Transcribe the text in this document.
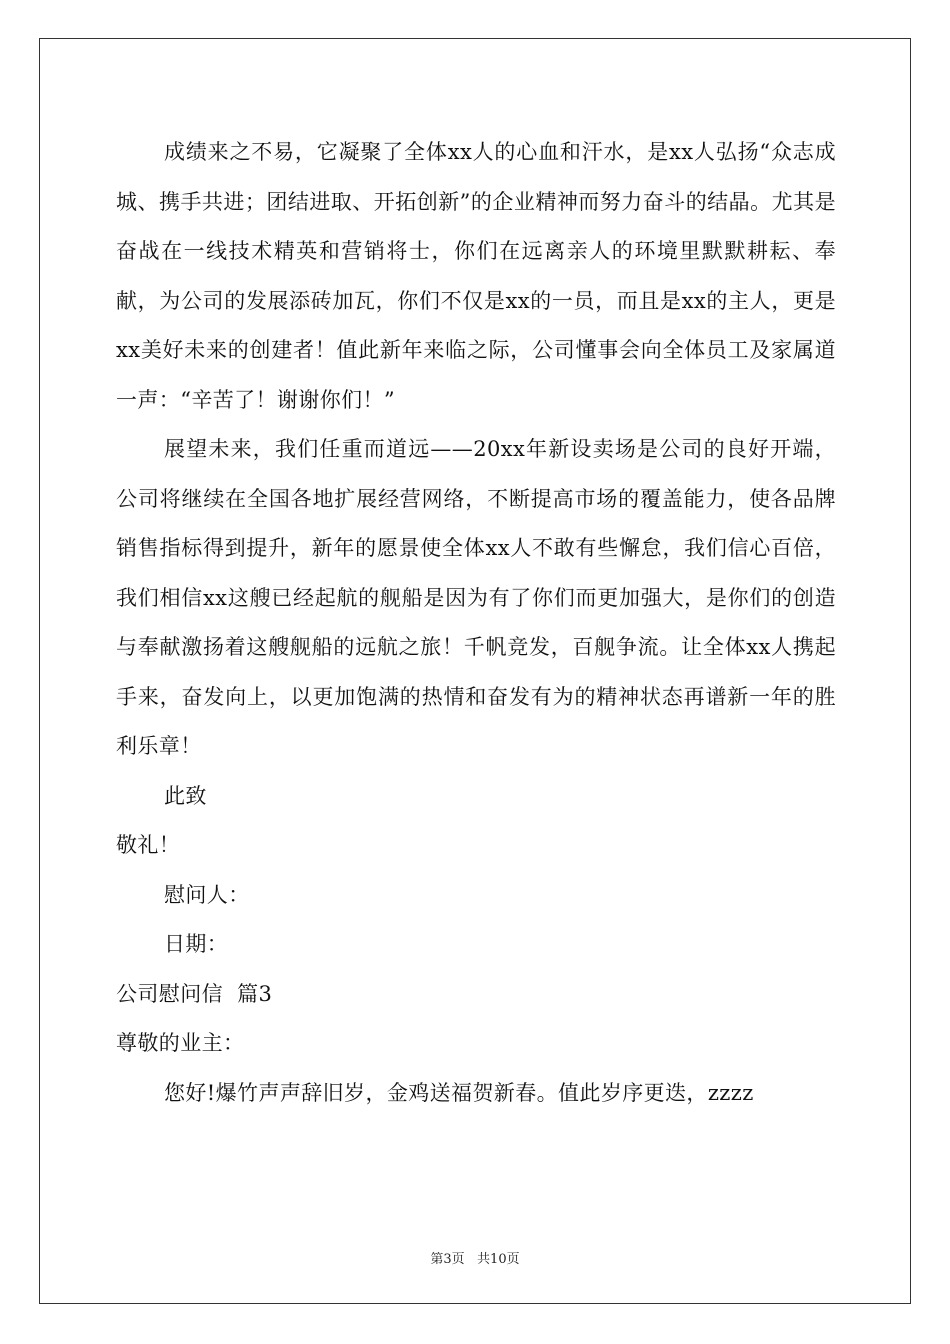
成绩来之不易，它凝聚了全体xx人的心血和汗水，是xx人弘扬“众志成城、携手共进；团结进取、开拓创新”的企业精神而努力奋斗的结晶。尤其是奋战在一线技术精英和营销将士，你们在远离亲人的环境里默默耕耘、奉献，为公司的发展添砖加瓦，你们不仅是xx的一员，而且是xx的主人，更是xx美好未来的创建者！值此新年来临之际，公司懂事会向全体员工及家属道一声：“辛苦了！谢谢你们！”

展望未来，我们任重而道远——20xx年新设卖场是公司的良好开端，公司将继续在全国各地扩展经营网络，不断提高市场的覆盖能力，使各品牌销售指标得到提升，新年的愿景使全体xx人不敢有些懈怠，我们信心百倍，我们相信xx这艘已经起航的舰船是因为有了你们而更加强大，是你们的创造与奉献激扬着这艘舰船的远航之旅！千帆竞发，百舰争流。让全体xx人携起手来，奋发向上，以更加饱满的热情和奋发有为的精神状态再谱新一年的胜利乐章！

此致

敬礼！

慰问人：

日期：

公司慰问信  篇3

尊敬的业主：

您好!爆竹声声辞旧岁，金鸡送福贺新春。值此岁序更迭，zzzz

第3页   共10页
